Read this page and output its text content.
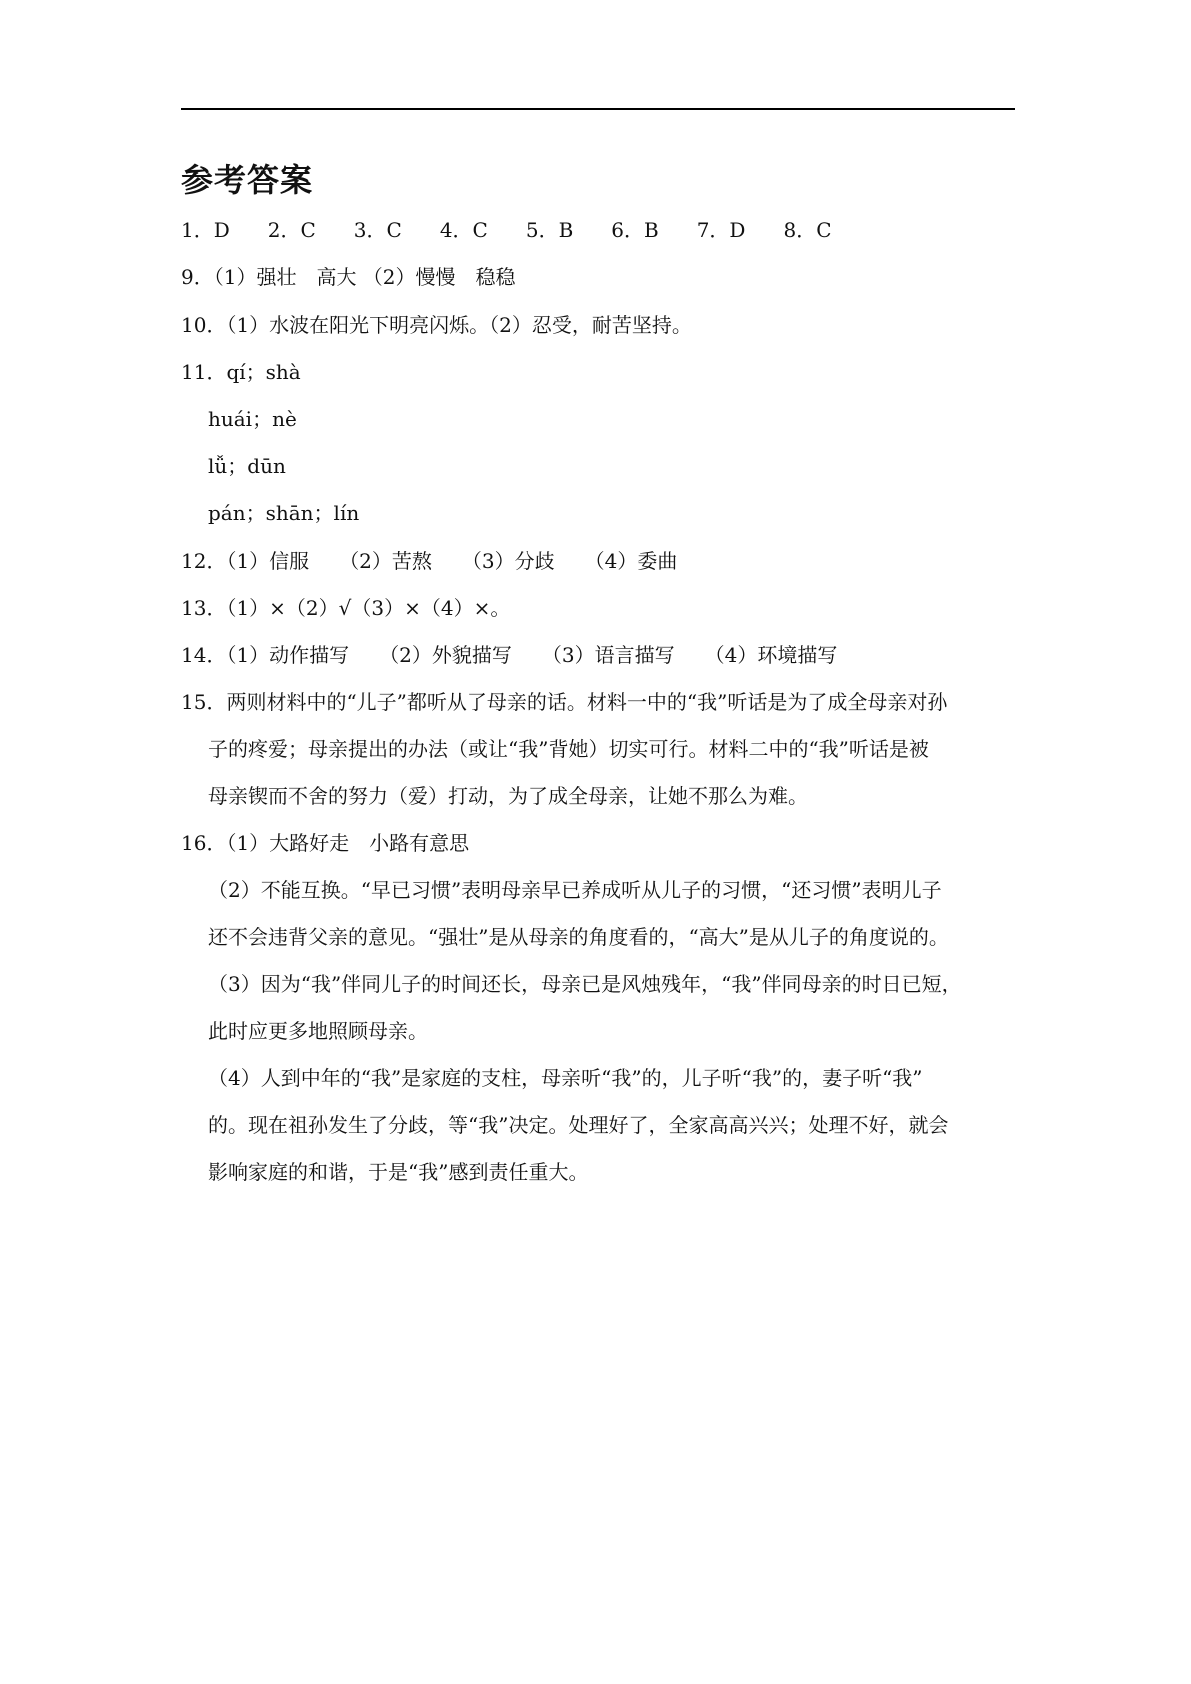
参考答案
1．D 2．C 3．C 4．C 5．B 6．B 7．D 8．C
9．（1）强壮　高大 （2）慢慢　稳稳
10．（1）水波在阳光下明亮闪烁。（2）忍受，耐苦坚持。
11．qí；shà
huái；nè
lǚ；dūn
pán；shān；lín
12．（1）信服 （2）苦熬 （3）分歧 （4）委曲
13．（1）×（2）√（3）×（4）×。
14．（1）动作描写 （2）外貌描写 （3）语言描写 （4）环境描写
15．两则材料中的“儿子”都听从了母亲的话。材料一中的“我”听话是为了成全母亲对孙
子的疼爱；母亲提出的办法（或让“我”背她）切实可行。材料二中的“我”听话是被
母亲锲而不舍的努力（爱）打动，为了成全母亲，让她不那么为难。
16．（1）大路好走　小路有意思
（2）不能互换。“早已习惯”表明母亲早已养成听从儿子的习惯，“还习惯”表明儿子
还不会违背父亲的意见。“强壮”是从母亲的角度看的，“高大”是从儿子的角度说的。
（3）因为“我”伴同儿子的时间还长，母亲已是风烛残年，“我”伴同母亲的时日已短，
此时应更多地照顾母亲。
（4）人到中年的“我”是家庭的支柱，母亲听“我”的，儿子听“我”的，妻子听“我”
的。现在祖孙发生了分歧，等“我”决定。处理好了，全家高高兴兴；处理不好，就会
影响家庭的和谐，于是“我”感到责任重大。
